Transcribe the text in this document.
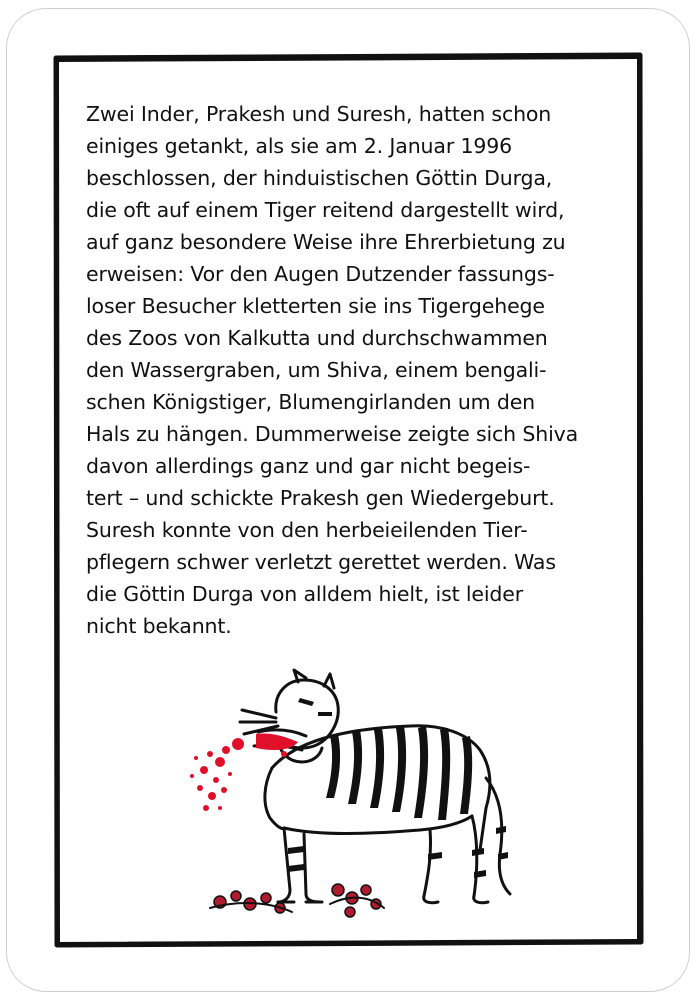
Zwei Inder, Prakesh und Suresh, hatten schon
einiges getankt, als sie am 2. Januar 1996
beschlossen, der hinduistischen Göttin Durga,
die oft auf einem Tiger reitend dargestellt wird,
auf ganz besondere Weise ihre Ehrerbietung zu
erweisen: Vor den Augen Dutzender fassungs-
loser Besucher kletterten sie ins Tigergehege
des Zoos von Kalkutta und durchschwammen
den Wassergraben, um Shiva, einem bengali-
schen Königstiger, Blumengirlanden um den
Hals zu hängen. Dummerweise zeigte sich Shiva
davon allerdings ganz und gar nicht begeis-
tert – und schickte Prakesh gen Wiedergeburt.
Suresh konnte von den herbeieilenden Tier-
pflegern schwer verletzt gerettet werden. Was
die Göttin Durga von alldem hielt, ist leider
nicht bekannt.
